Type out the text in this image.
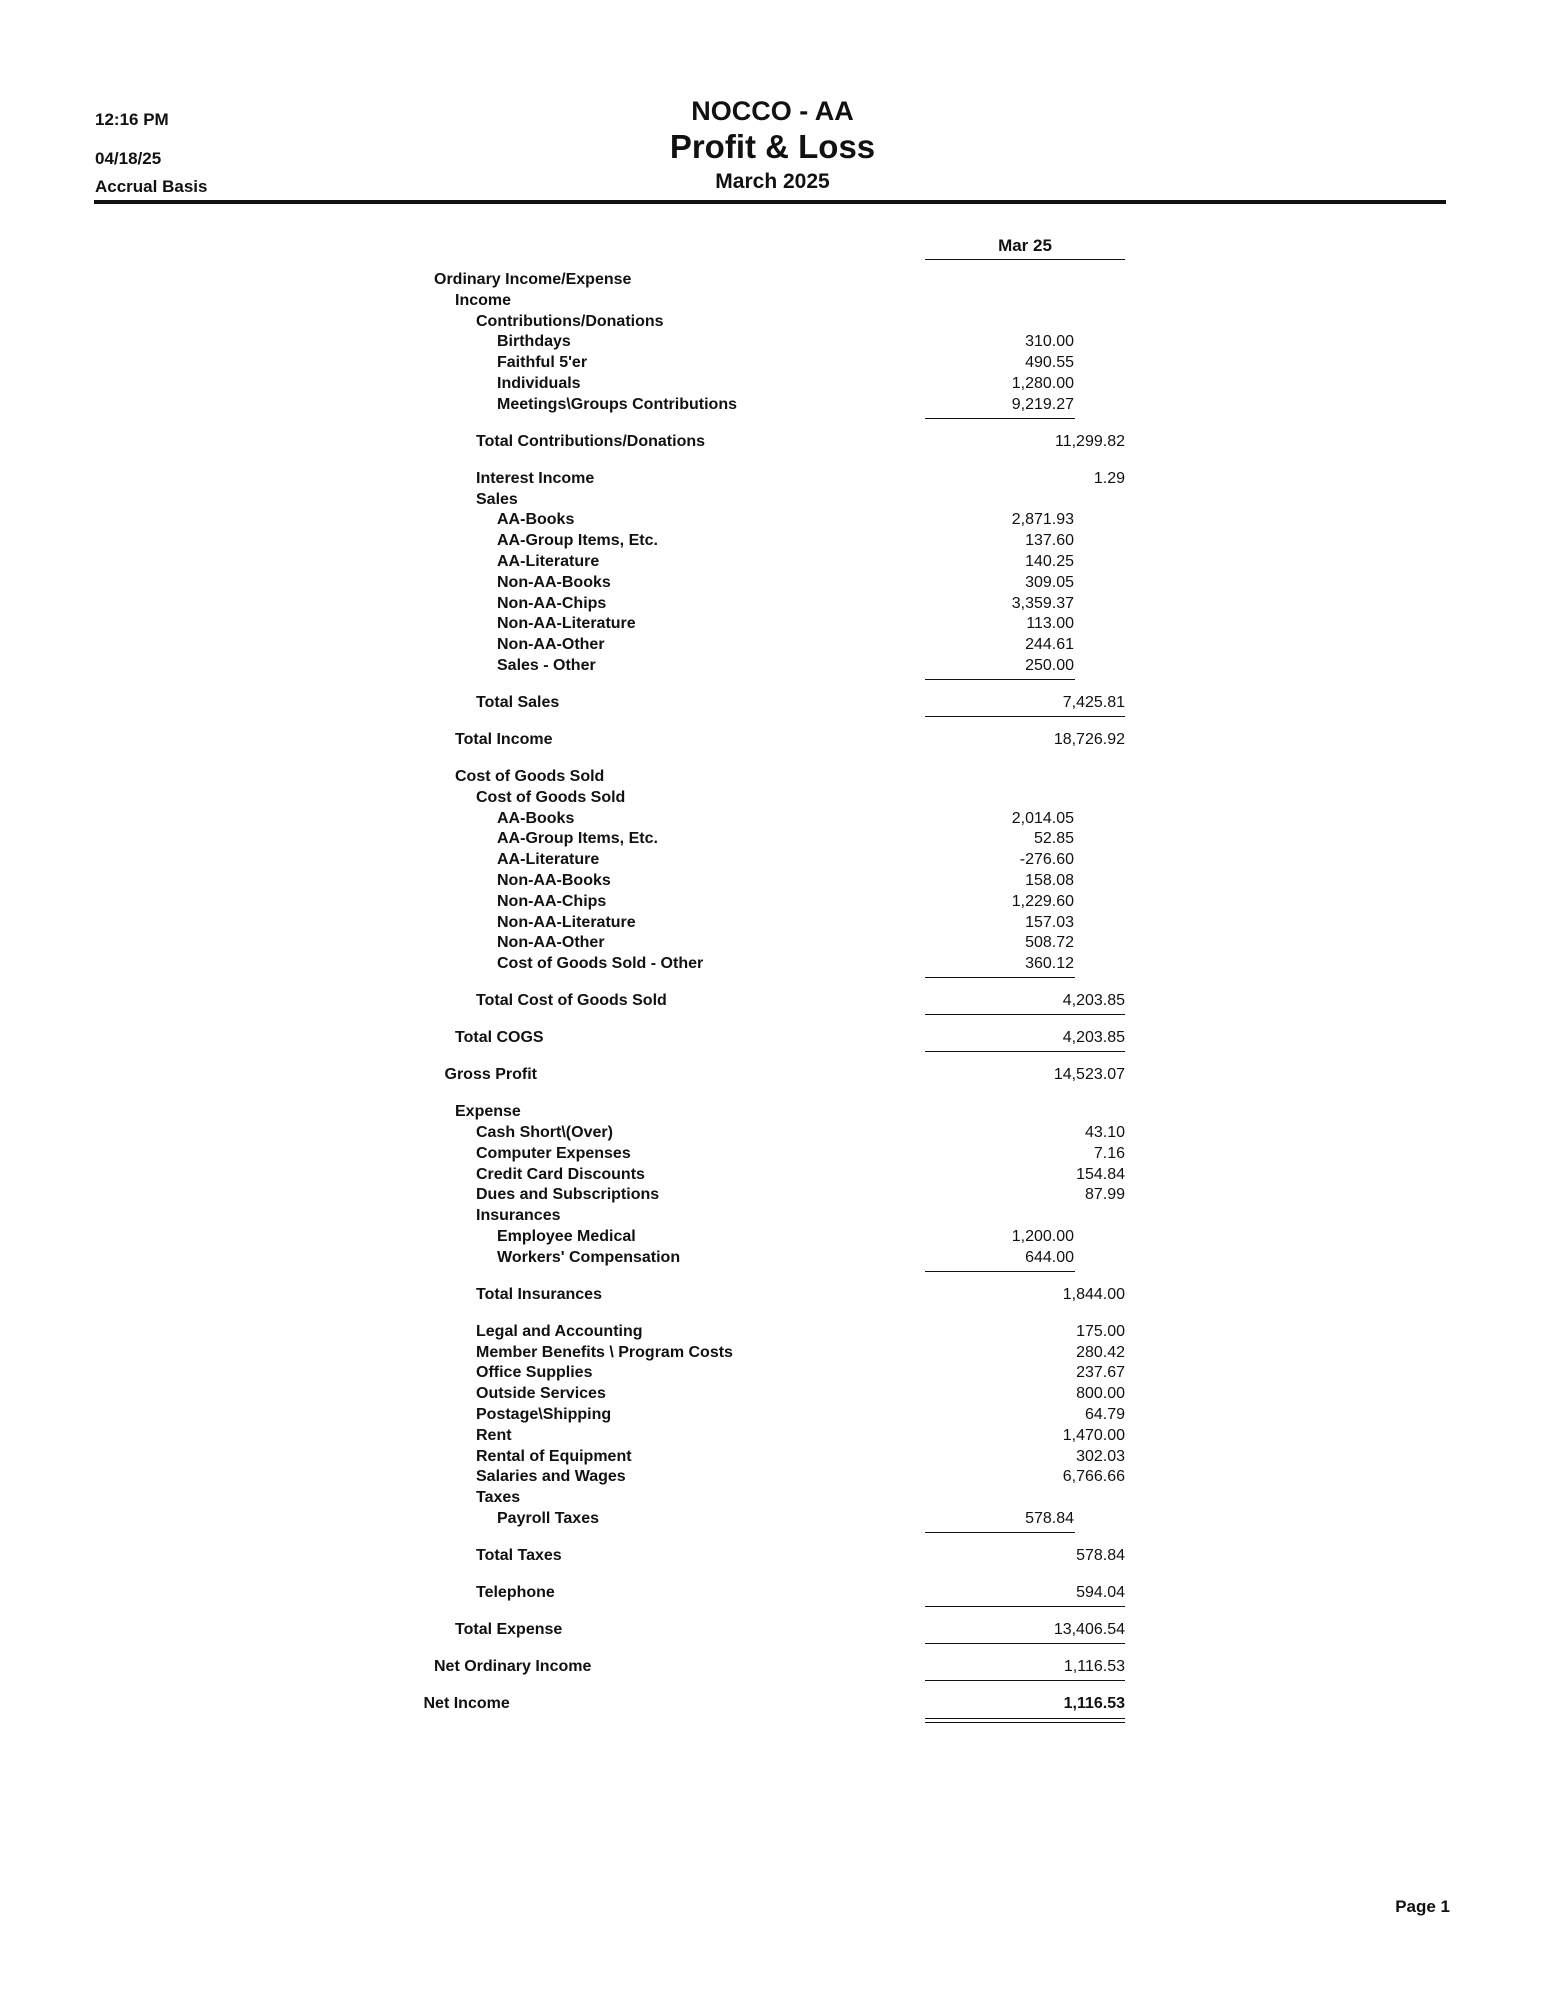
12:16 PM
04/18/25
Accrual Basis
NOCCO - AA
Profit & Loss
March 2025
Mar 25
Ordinary Income/Expense
Income
Contributions/Donations
Birthdays	310.00
Faithful 5'er	490.55
Individuals	1,280.00
Meetings\Groups Contributions	9,219.27
Total Contributions/Donations	11,299.82
Interest Income	1.29
Sales
AA-Books	2,871.93
AA-Group Items, Etc.	137.60
AA-Literature	140.25
Non-AA-Books	309.05
Non-AA-Chips	3,359.37
Non-AA-Literature	113.00
Non-AA-Other	244.61
Sales - Other	250.00
Total Sales	7,425.81
Total Income	18,726.92
Cost of Goods Sold
Cost of Goods Sold
AA-Books	2,014.05
AA-Group Items, Etc.	52.85
AA-Literature	-276.60
Non-AA-Books	158.08
Non-AA-Chips	1,229.60
Non-AA-Literature	157.03
Non-AA-Other	508.72
Cost of Goods Sold - Other	360.12
Total Cost of Goods Sold	4,203.85
Total COGS	4,203.85
Gross Profit	14,523.07
Expense
Cash Short\(Over)	43.10
Computer Expenses	7.16
Credit Card Discounts	154.84
Dues and Subscriptions	87.99
Insurances
Employee Medical	1,200.00
Workers' Compensation	644.00
Total Insurances	1,844.00
Legal and Accounting	175.00
Member Benefits \ Program Costs	280.42
Office Supplies	237.67
Outside Services	800.00
Postage\Shipping	64.79
Rent	1,470.00
Rental of Equipment	302.03
Salaries and Wages	6,766.66
Taxes
Payroll Taxes	578.84
Total Taxes	578.84
Telephone	594.04
Total Expense	13,406.54
Net Ordinary Income	1,116.53
Net Income	1,116.53
Page 1
